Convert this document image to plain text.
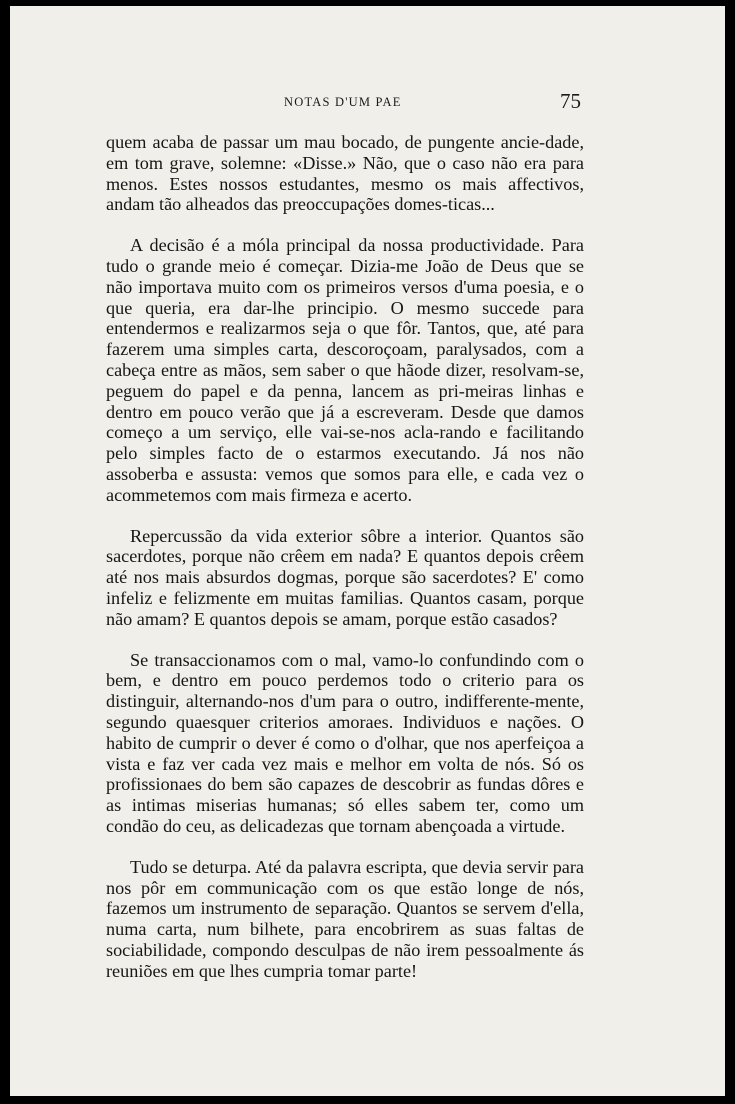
NOTAS D'UM PAE	75

quem acaba de passar um mau bocado, de pungente ancie-dade, em tom grave, solemne: «Disse.» Não, que o caso não era para menos. Estes nossos estudantes, mesmo os mais affectivos, andam tão alheados das preoccupações domes-ticas...

A decisão é a móla principal da nossa productividade. Para tudo o grande meio é começar. Dizia-me João de Deus que se não importava muito com os primeiros versos d'uma poesia, e o que queria, era dar-lhe principio. O mesmo succede para entendermos e realizarmos seja o que fôr. Tantos, que, até para fazerem uma simples carta, descoroçoam, paralysados, com a cabeça entre as mãos, sem saber o que hãode dizer, resolvam-se, peguem do papel e da penna, lancem as pri-meiras linhas e dentro em pouco verão que já a escreveram. Desde que damos começo a um serviço, elle vai-se-nos acla-rando e facilitando pelo simples facto de o estarmos executando. Já nos não assoberba e assusta: vemos que somos para elle, e cada vez o acommetemos com mais firmeza e acerto.

Repercussão da vida exterior sôbre a interior. Quantos são sacerdotes, porque não crêem em nada? E quantos depois crêem até nos mais absurdos dogmas, porque são sacerdotes? E' como infeliz e felizmente em muitas familias. Quantos casam, porque não amam? E quantos depois se amam, porque estão casados?

Se transaccionamos com o mal, vamo-lo confundindo com o bem, e dentro em pouco perdemos todo o criterio para os distinguir, alternando-nos d'um para o outro, indifferente-mente, segundo quaesquer criterios amoraes. Individuos e nações. O habito de cumprir o dever é como o d'olhar, que nos aperfeiçoa a vista e faz ver cada vez mais e melhor em volta de nós. Só os profissionaes do bem são capazes de descobrir as fundas dôres e as intimas miserias humanas; só elles sabem ter, como um condão do ceu, as delicadezas que tornam abençoada a virtude.

Tudo se deturpa. Até da palavra escripta, que devia servir para nos pôr em communicação com os que estão longe de nós, fazemos um instrumento de separação. Quantos se servem d'ella, numa carta, num bilhete, para encobrirem as suas faltas de sociabilidade, compondo desculpas de não irem pessoalmente ás reuniões em que lhes cumpria tomar parte!
